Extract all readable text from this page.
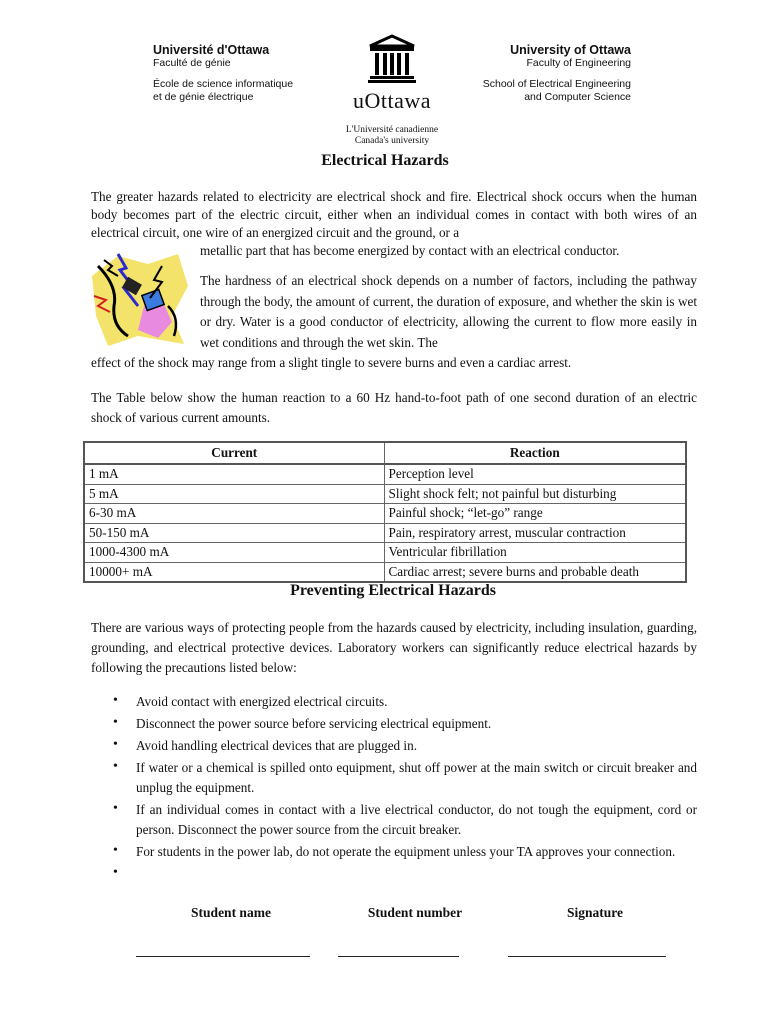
Université d'Ottawa
Faculté de génie
École de science informatique
et de génie électrique	uOttawa
L'Université canadienne
Canada's university
University of Ottawa
Faculty of Engineering
School of Electrical Engineering
and Computer Science
Electrical Hazards

The greater hazards related to electricity are electrical shock and fire. Electrical shock occurs when the human body becomes part of the electric circuit, either when an individual comes in contact with both wires of an electrical circuit, one wire of an energized circuit and the ground, or a

metallic part that has become energized by contact with an electrical conductor.

The hardness of an electrical shock depends on a number of factors, including the pathway through the body, the amount of current, the duration of exposure, and whether the skin is wet or dry. Water is a good conductor of electricity, allowing the current to flow more easily in wet conditions and through the wet skin. The

effect of the shock may range from a slight tingle to severe burns and even a cardiac arrest.

The Table below show the human reaction to a 60 Hz hand-to-foot path of one second duration of an electric shock of various current amounts.

Current	Reaction
1 mA	Perception level
5 mA	Slight shock felt; not painful but disturbing
6-30 mA	Painful shock; “let-go” range
50-150 mA	Pain, respiratory arrest, muscular contraction
1000-4300 mA	Ventricular fibrillation
10000+ mA	Cardiac arrest; severe burns and probable death
Preventing Electrical Hazards

There are various ways of protecting people from the hazards caused by electricity, including insulation, guarding, grounding, and electrical protective devices. Laboratory workers can significantly reduce electrical hazards by following the precautions listed below:

• Avoid contact with energized electrical circuits.
• Disconnect the power source before servicing electrical equipment.
• Avoid handling electrical devices that are plugged in.
• If water or a chemical is spilled onto equipment, shut off power at the main switch or circuit breaker and unplug the equipment.
• If an individual comes in contact with a live electrical conductor, do not tough the equipment, cord or person. Disconnect the power source from the circuit breaker.
• For students in the power lab, do not operate the equipment unless your TA approves your connection.
•
Student name	Student number	Signature
